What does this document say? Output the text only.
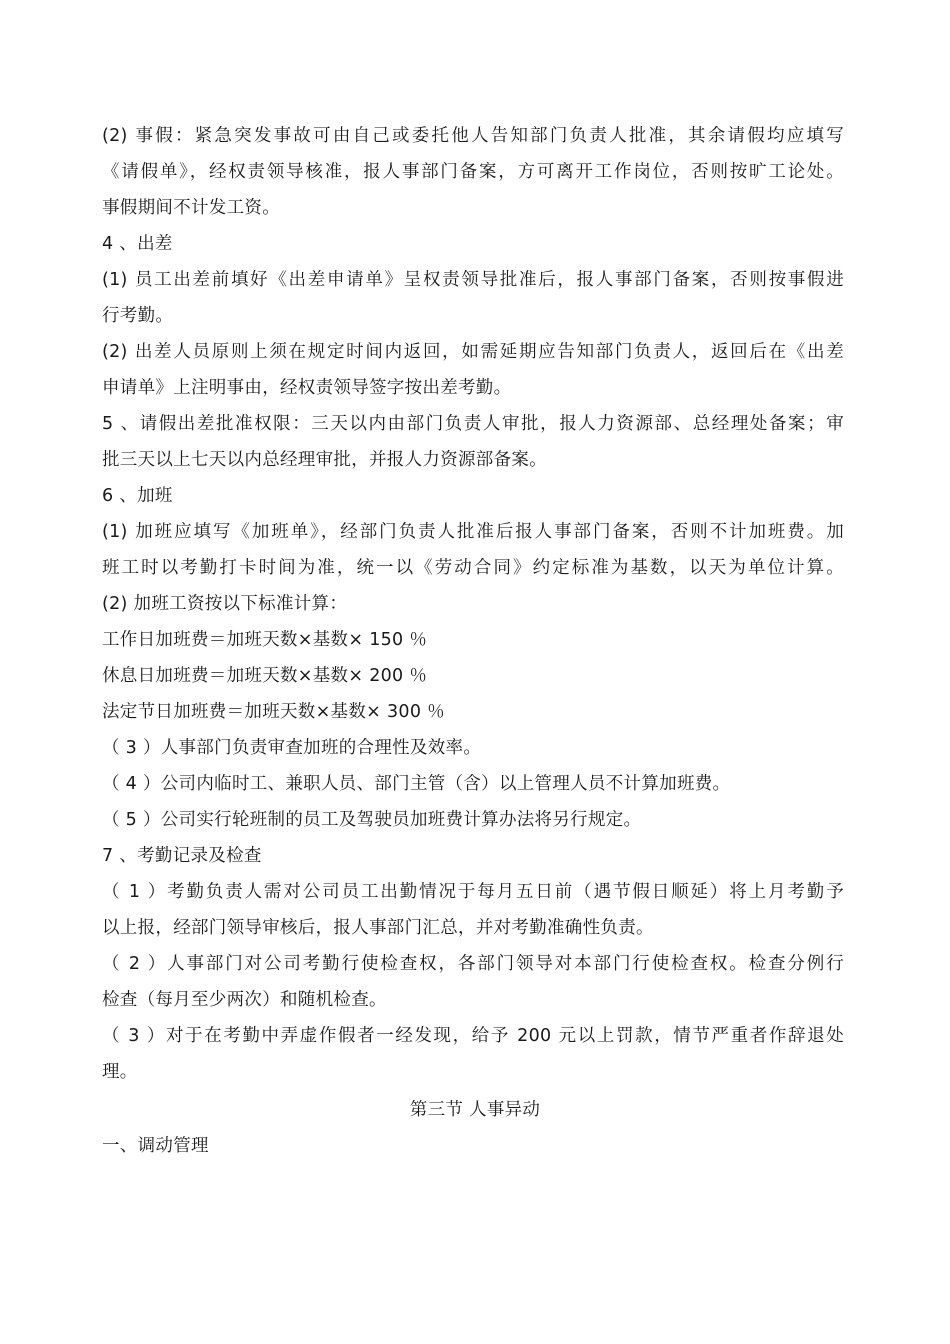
(2) 事假：紧急突发事故可由自己或委托他人告知部门负责人批准，其余请假均应填写
《请假单》，经权责领导核准，报人事部门备案，方可离开工作岗位，否则按旷工论处。
事假期间不计发工资。
4 、出差
(1) 员工出差前填好《出差申请单》呈权责领导批准后，报人事部门备案，否则按事假进
行考勤。
(2) 出差人员原则上须在规定时间内返回，如需延期应告知部门负责人，返回后在《出差
申请单》上注明事由，经权责领导签字按出差考勤。
5 、请假出差批准权限：三天以内由部门负责人审批，报人力资源部、总经理处备案；审
批三天以上七天以内总经理审批，并报人力资源部备案。
6 、加班
(1) 加班应填写《加班单》，经部门负责人批准后报人事部门备案，否则不计加班费。加
班工时以考勤打卡时间为准，统一以《劳动合同》约定标准为基数，以天为单位计算。
(2) 加班工资按以下标准计算：
工作日加班费＝加班天数×基数× 150 ％
休息日加班费＝加班天数×基数× 200 ％
法定节日加班费＝加班天数×基数× 300 ％
（ 3 ）人事部门负责审查加班的合理性及效率。
（ 4 ）公司内临时工、兼职人员、部门主管（含）以上管理人员不计算加班费。
（ 5 ）公司实行轮班制的员工及驾驶员加班费计算办法将另行规定。
7 、考勤记录及检查
（ 1 ）考勤负责人需对公司员工出勤情况于每月五日前（遇节假日顺延）将上月考勤予
以上报，经部门领导审核后，报人事部门汇总，并对考勤准确性负责。
（ 2 ）人事部门对公司考勤行使检查权，各部门领导对本部门行使检查权。检查分例行
检查（每月至少两次）和随机检查。
（ 3 ）对于在考勤中弄虚作假者一经发现，给予 200 元以上罚款，情节严重者作辞退处
理。
第三节 人事异动
一、调动管理
